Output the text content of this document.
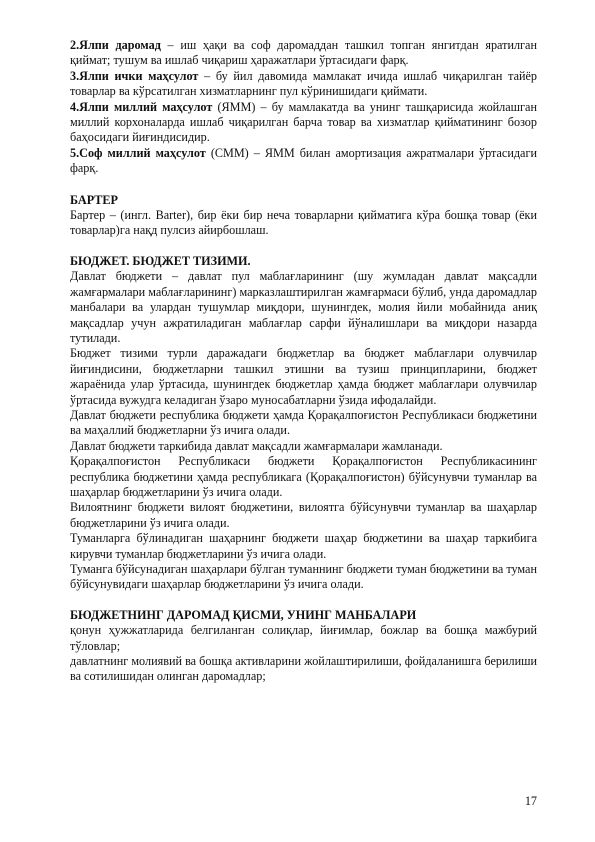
2.Ялпи даромад – иш ҳақи ва соф даромаддан ташкил топган янгитдан яратилган қиймат; тушум ва ишлаб чиқариш ҳаражатлари ўртасидаги фарқ.

3.Ялпи ички маҳсулот – бу йил давомида мамлакат ичида ишлаб чиқарилган тайёр товарлар ва кўрсатилган хизматларнинг пул кўринишидаги қиймати.

4.Ялпи миллий маҳсулот (ЯММ) – бу мамлакатда ва унинг ташқарисида жойлашган миллий корхоналарда ишлаб чиқарилган барча товар ва хизматлар қийматининг бозор баҳосидаги йиғиндисидир.

5.Соф миллий маҳсулот (СММ) – ЯММ билан амортизация ажратмалари ўртасидаги фарқ.

БАРТЕР

Бартер – (ингл. Barter), бир ёки бир неча товарларни қийматига кўра бошқа товар (ёки товарлар)га нақд пулсиз айирбошлаш.

БЮДЖЕТ. БЮДЖЕТ ТИЗИМИ.

Давлат бюджети – давлат пул маблағларининг (шу жумладан давлат мақсадли жамғармалари маблағларининг) марказлаштирилган жамғармаси бўлиб, унда даромадлар манбалари ва улардан тушумлар миқдори, шунингдек, молия йили мобайнида аниқ мақсадлар учун ажратиладиган маблағлар сарфи йўналишлари ва миқдори назарда тутилади.

Бюджет тизими турли даражадаги бюджетлар ва бюджет маблағлари олувчилар йиғиндисини, бюджетларни ташкил этишни ва тузиш принципларини, бюджет жараёнида улар ўртасида, шунингдек бюджетлар ҳамда бюджет маблағлари олувчилар ўртасида вужудга келадиган ўзаро муносабатларни ўзида ифодалайди.

Давлат бюджети республика бюджети ҳамда Қорақалпоғистон Республикаси бюджетини ва маҳаллий бюджетларни ўз ичига олади.

Давлат бюджети таркибида давлат мақсадли жамғармалари жамланади.

Қорақалпоғистон Республикаси бюджети Қорақалпоғистон Республикасининг республика бюджетини ҳамда республикага (Қорақалпоғистон) бўйсунувчи туманлар ва шаҳарлар бюджетларини ўз ичига олади.

Вилоятнинг бюджети вилоят бюджетини, вилоятга бўйсунувчи туманлар ва шаҳарлар бюджетларини ўз ичига олади.

Туманларга бўлинадиган шаҳарнинг бюджети шаҳар бюджетини ва шаҳар таркибига кирувчи туманлар бюджетларини ўз ичига олади.

Туманга бўйсунадиган шаҳарлари бўлган туманнинг бюджети туман бюджетини ва туман бўйсунувидаги шаҳарлар бюджетларини ўз ичига олади.

БЮДЖЕТНИНГ ДАРОМАД ҚИСМИ, УНИНГ МАНБАЛАРИ

қонун ҳужжатларида белгиланган солиқлар, йиғимлар, божлар ва бошқа мажбурий тўловлар;

давлатнинг молиявий ва бошқа активларини жойлаштирилиши, фойдаланишга берилиши ва сотилишидан олинган даромадлар;

17
